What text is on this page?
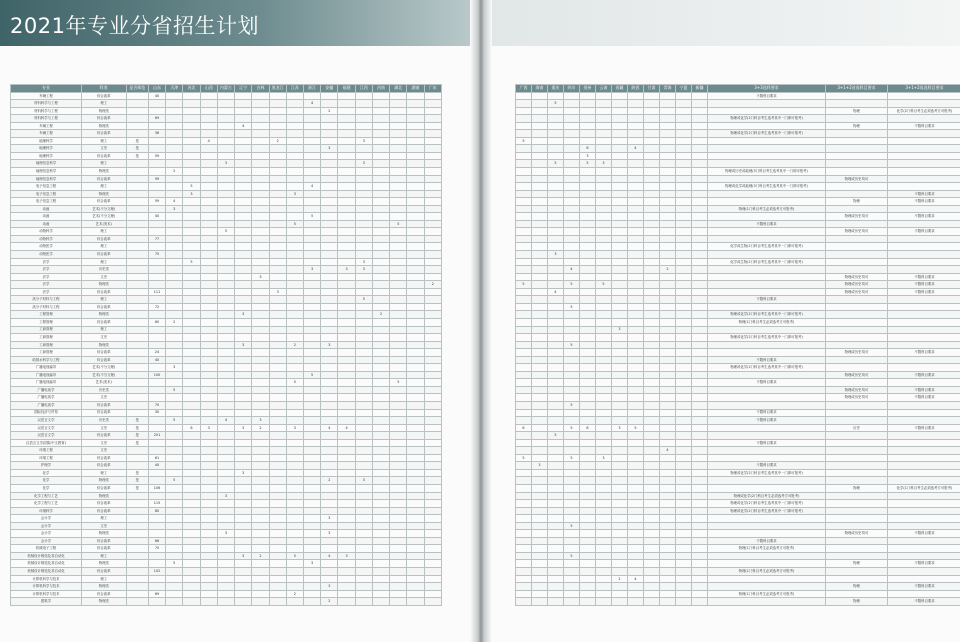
2021年专业分省招生计划
专业	科类	是否师范	山东	天津	河北	山西	内蒙古	辽宁	吉林	黑龙江	江苏	浙江	安徽	福建	江西	河南	湖北	湖南	广东
车辆工程	综合改革		40																
材料科学与工程	理工											4							
材料科学与工程	物理类												2						
材料科学与工程	综合改革		69																
车辆工程	物理类							4											
车辆工程	综合改革		36																
地理科学	理工	是				4				2					3				
地理科学	文史	是											3						
地理科学	综合改革	是	59																
地理信息科学	理工						3								3				
地理信息科学	物理类			2															
地理信息科学	综合改革		99																
电子信息工程	理工				5							4							
电子信息工程	物理类				3						3								
电子信息工程	综合改革		59	4															
动画	艺术(不分文理)			3															
动画	艺术(不分文理)		40									5							
动画	艺术(美术)										5						5		
动物科学	理工						5												
动物科学	综合改革		77																
动物医学	理工																		
动物医学	综合改革		75																
法学	理工				5										3				
法学	历史类											3		3	3				
法学	文史								3										
法学	物理类																		2
法学	综合改革		111							3									
高分子材料与工程	理工														5				
高分子材料与工程	综合改革		72																
工程管理	物理类							3								2			
工程管理	综合改革		60	2															
工商管理	理工																		
工商管理	文史																		
工商管理	物理类							3			2		3						
工商管理	综合改革		24																
给排水科学与工程	综合改革		40																
广播电视编导	艺术(不分文理)			3															
广播电视编导	艺术(不分文理)		100									5							
广播电视编导	艺术(美术)										5						5		
广播电视学	历史类			5															
广播电视学	文史																		
广播电视学	综合改革		70																
国际经济与贸易	综合改革		30																
汉语言文学	历史类	是		5			4		3										
汉语言文学	文史	是			6	3		3	2		3		4	4					
汉语言文学	综合改革	是	201																
汉语言文学(国际中文教育)	文史	是																	
环境工程	文史																		
环境工程	综合改革		61																
护理学	综合改革		40																
化学	理工	是						3											
化学	物理类	是		5									2		3				
化学	综合改革	是	106																
化学工程与工艺	物理类						3												
化学工程与工艺	综合改革		115																
环境科学	综合改革		80																
会计学	理工												3						
会计学	文史																		
会计学	物理类						3						3						
会计学	综合改革		66																
机械电子工程	综合改革		70																
机械设计制造及其自动化	理工							3	2		5		4	3					
机械设计制造及其自动化	物理类			5								3							
机械设计制造及其自动化	综合改革		102																
计算机科学与技术	理工																		
计算机科学与技术	物理类												3						
计算机科学与技术	综合改革		69								2								
建筑学	物理类												2						
广西	海南	重庆	四川	贵州	云南	西藏	陕西	甘肃	青海	宁夏	新疆	3+3选科要求	3+1+2首选科目要求	3+1+2再选科目要求	
												不限科目要求			
		5													
													物理	化学(2门科目考生必须选考方可报考)	
												物理或化学(2门科目考生选考其中一门即可报考)			
													物理	不限科目要求	
												物理或化学(2门科目考生选考其中一门即可报考)			
5															
				6			4								
				3											
		5		5	3										
												物理或历史或地理(3门科目考生选考其中一门即可报考)			
													物理或历史均可		
												物理或化学或地理(3门科目考生选考其中一门即可报考)			
														不限科目要求	
													物理	不限科目要求	
												物理(1门科目考生必须选考方可报考)			
													物理或历史均可	不限科目要求	
												不限科目要求			
													物理或历史均可	不限科目要求	

												化学或生物(2门科目考生选考其中一门即可报考)			
		3													
												化学或生物(2门科目考生选考其中一门即可报考)			
			4						2						
													物理或历史均可	不限科目要求	
5			5		5								物理或历史均可	不限科目要求	
		4											物理或历史均可	不限科目要求	
												不限科目要求			
			5												
												物理或化学(2门科目考生选考其中一门即可报考)			
												物理(1门科目考生必须选考方可报考)			
						3									
												物理或化学(2门科目考生选考其中一门即可报考)			
			5												
													物理或历史均可	不限科目要求	
												不限科目要求			
												物理或化学(2门科目考生选考其中一门即可报考)			
													物理或历史均可	不限科目要求	
												不限科目要求			
													物理或历史均可	不限科目要求	
													物理或历史均可	不限科目要求	
			5												
												不限科目要求			
												不限科目要求			
6			5	8		3	5						历史	不限科目要求	
		5													
												不限科目要求			
									4						
5			5		3										
	3											不限科目要求			
												物理或化学(2门科目考生选考其中一门即可报考)			

													物理	化学(1门科目考生必须选考方可报考)	
												物理或化学(2门科目考生必须选考方可报考)			
												物理或化学(2门科目考生选考其中一门即可报考)			
												物理或化学(2门科目考生选考其中一门即可报考)			

			5												
													物理或历史均可	不限科目要求	
												不限科目要求			
												物理(1门科目考生必须选考方可报考)			
			5												
													物理	不限科目要求	
												物理(1门科目考生必须选考方可报考)			
						2	4								
													物理	不限科目要求	
												物理(1门科目考生必须选考方可报考)			
													物理	不限科目要求	
